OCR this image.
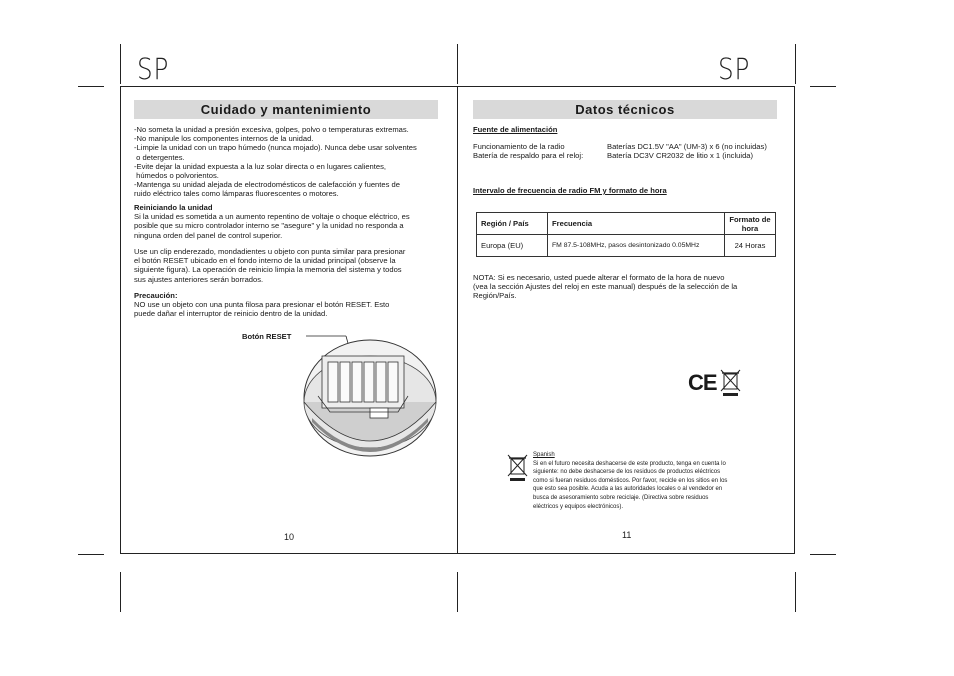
SP	SP
Cuidado y mantenimiento
-No someta la unidad a presión excesiva, golpes, polvo o temperaturas extremas.
-No manipule los componentes internos de la unidad.
-Limpie la unidad con un trapo húmedo (nunca mojado). Nunca debe usar solventes
o detergentes.
-Evite dejar la unidad expuesta a la luz solar directa o en lugares calientes,
húmedos o polvorientos.
-Mantenga su unidad alejada de electrodomésticos de calefacción y fuentes de
ruido eléctrico tales como lámparas fluorescentes o motores.
Reiniciando la unidad
Si la unidad es sometida a un aumento repentino de voltaje o choque eléctrico, es
posible que su micro controlador interno se "asegure" y la unidad no responda a
ninguna orden del panel de control superior.
Use un clip enderezado, mondadientes u objeto con punta similar para presionar
el botón RESET ubicado en el fondo interno de la unidad principal (observe la
siguiente figura). La operación de reinicio limpia la memoria del sistema y todos
sus ajustes anteriores serán borrados.
Precaución:
NO use un objeto con una punta filosa para presionar el botón RESET. Esto
puede dañar el interruptor de reinicio dentro de la unidad.
Botón RESET
10
Datos técnicos
Fuente de alimentación
Funcionamiento de la radio	Baterías DC1.5V "AA" (UM-3) x 6 (no incluidas)
Batería de respaldo para el reloj:	Batería DC3V CR2032 de litio x 1 (incluida)
Intervalo de frecuencia de radio FM y formato de hora
Región / País	Frecuencia	Formato de hora
Europa (EU)	FM 87.5-108MHz, pasos desintonizado 0.05MHz	24 Horas
NOTA: Si es necesario, usted puede alterar el formato de la hora de nuevo
(vea la sección Ajustes del reloj en este manual) después de la selección de la
Región/País.
CE
Spanish
Si en el futuro necesita deshacerse de este producto, tenga en cuenta lo
siguiente: no debe deshacerse de los residuos de productos eléctricos
como si fueran residuos domésticos. Por favor, recicle en los sitios en los
que esto sea posible. Acuda a las autoridades locales o al vendedor en
busca de asesoramiento sobre reciclaje. (Directiva sobre residuos
eléctricos y equipos electrónicos).
11
